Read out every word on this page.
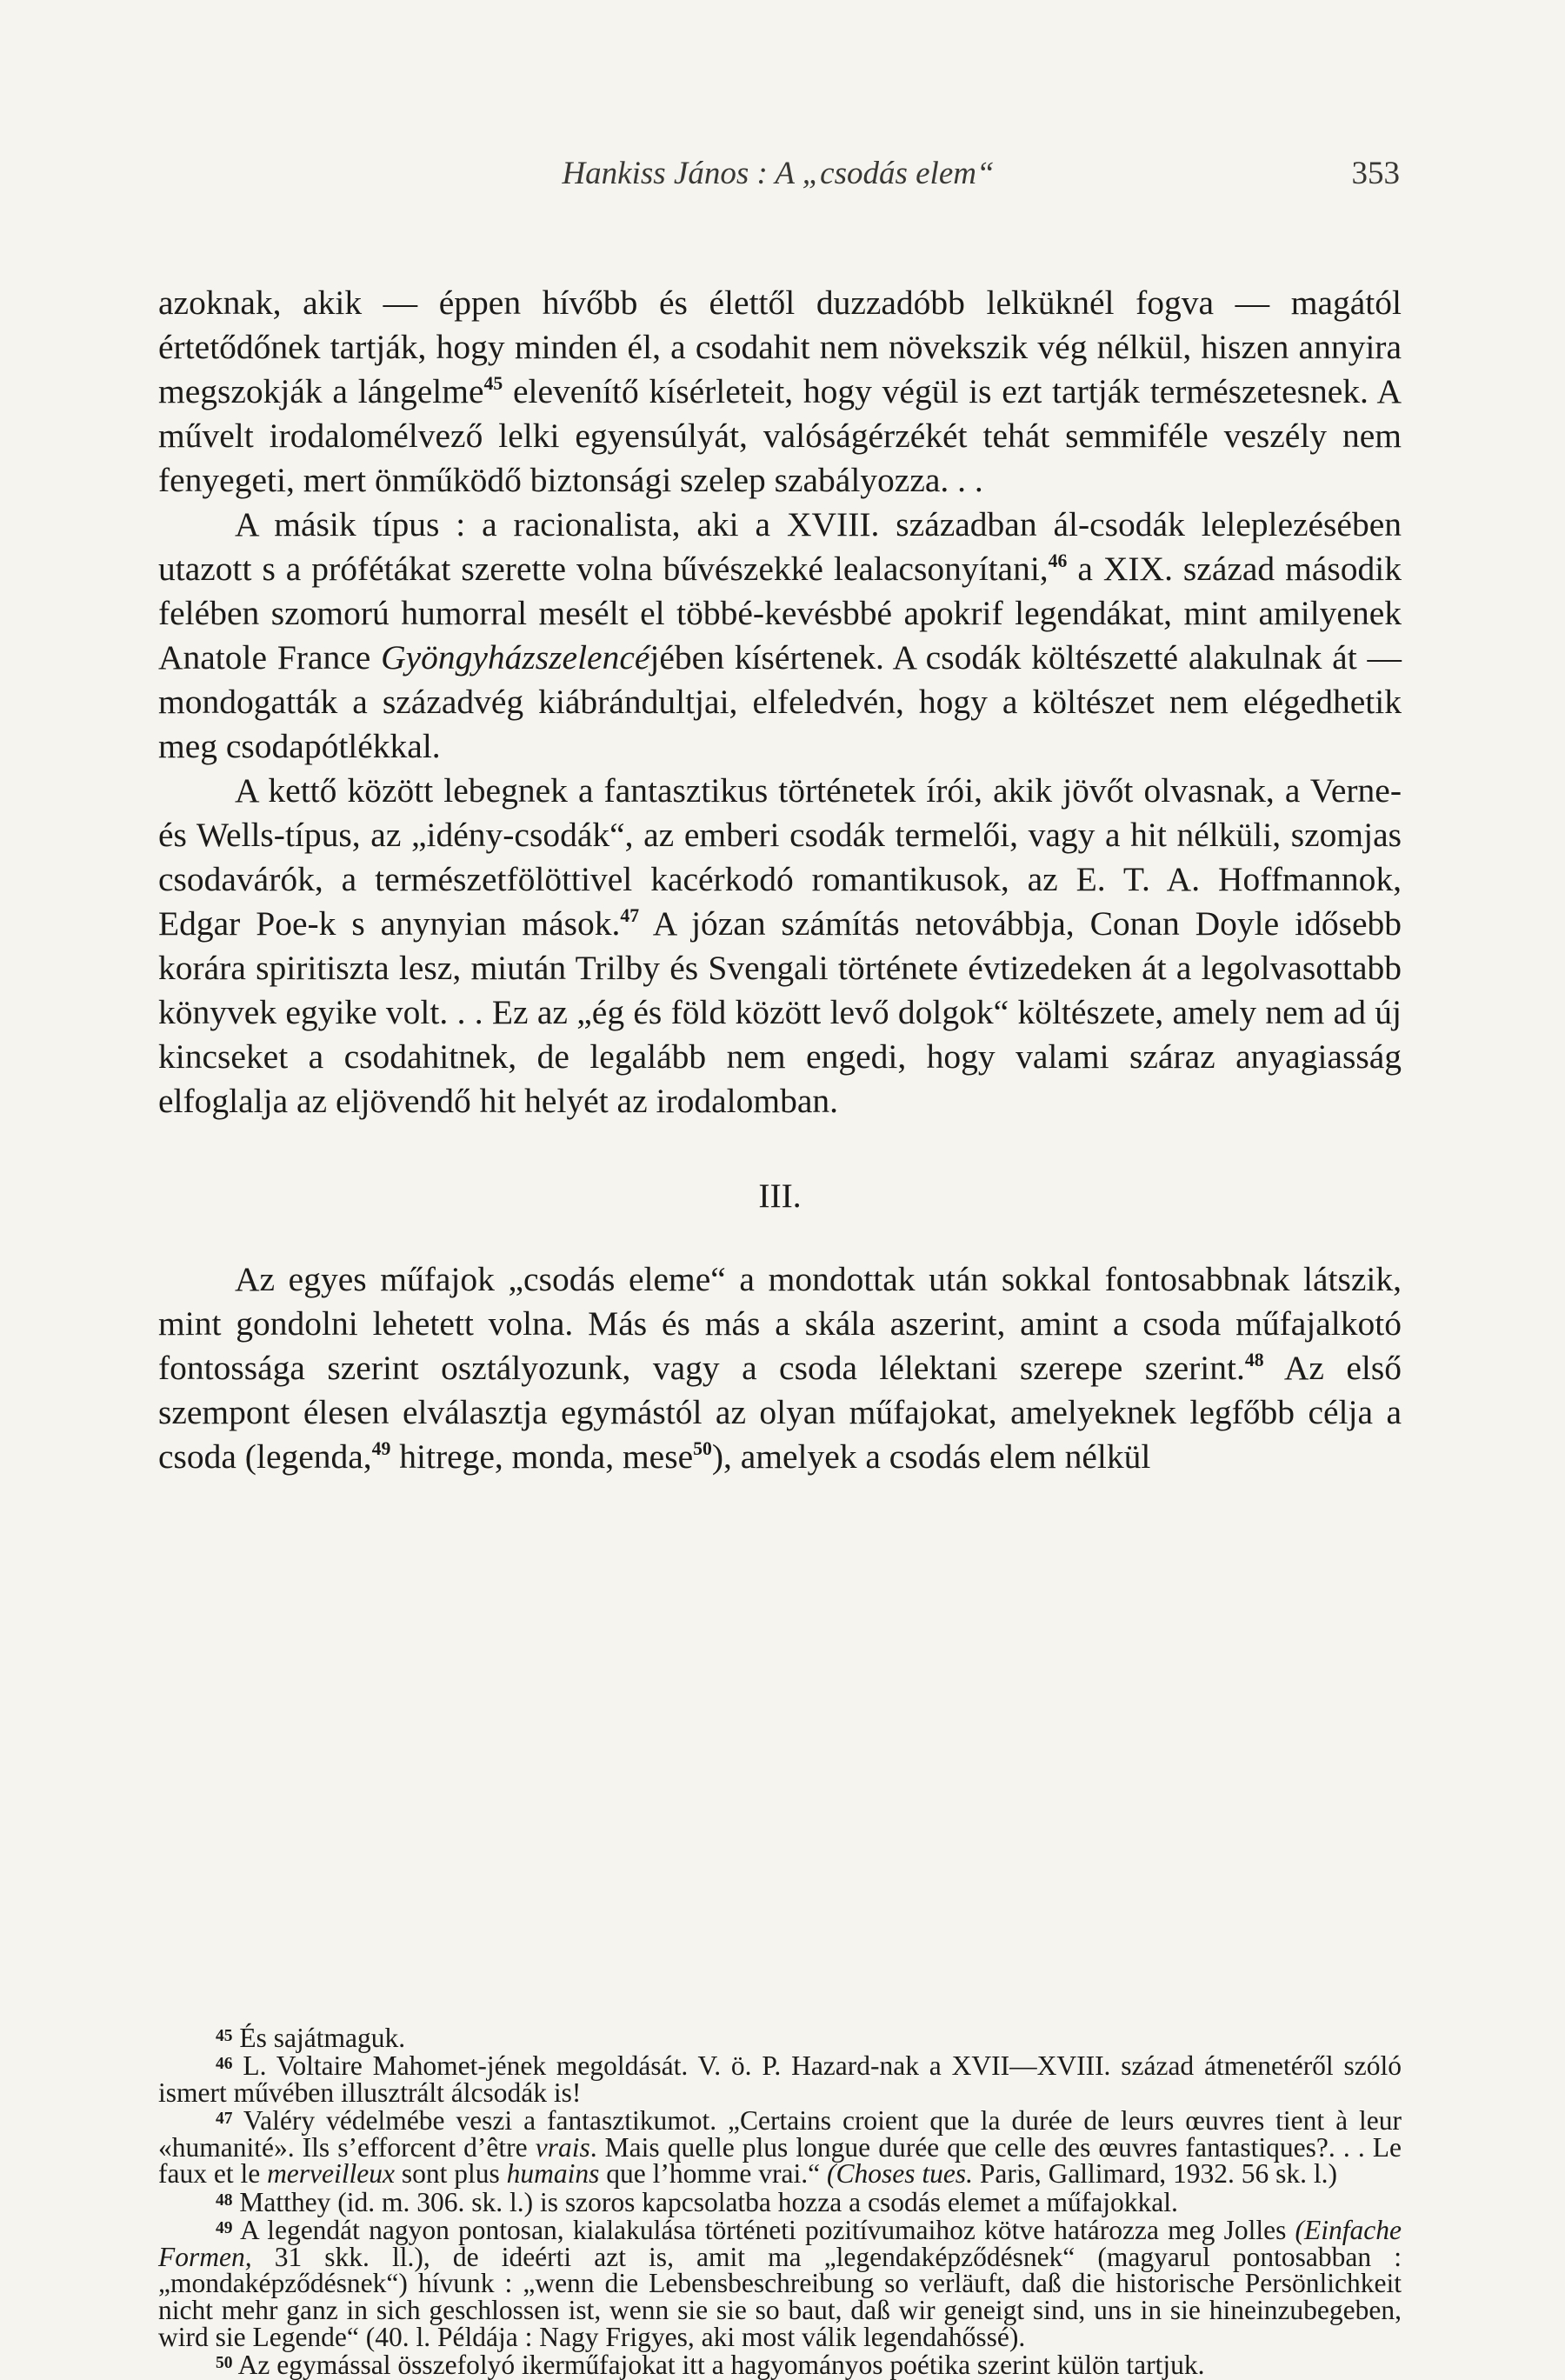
Hankiss János : A „csodás elem“	353

azoknak, akik — éppen hívőbb és élettől duzzadóbb lelküknél fogva — magától értetődőnek tartják, hogy minden él, a csodahit nem növekszik vég nélkül, hiszen annyira megszokják a lángelme$^{45}$ elevenítő kísérleteit, hogy végül is ezt tartják természetesnek. A művelt irodalomélvező lelki egyensúlyát, valóságérzékét tehát semmiféle veszély nem fenyegeti, mert önműködő biztonsági szelep szabályozza. . .

A másik típus : a racionalista, aki a XVIII. században ál-csodák leleplezésében utazott s a prófétákat szerette volna bűvészekké lealacsonyítani,$^{46}$ a XIX. század második felében szomorú humorral mesélt el többé-kevésbbé apokrif legendákat, mint amilyenek Anatole France Gyöngyházszelencéjében kísértenek. A csodák költészetté alakulnak át — mondogatták a századvég kiábrándultjai, elfeledvén, hogy a költészet nem elégedhetik meg csodapótlékkal.

A kettő között lebegnek a fantasztikus történetek írói, akik jövőt olvasnak, a Verne- és Wells-típus, az „idény-csodák“, az emberi csodák termelői, vagy a hit nélküli, szomjas csodavárók, a természetfölöttivel kacérkodó romantikusok, az E. T. A. Hoffmannok, Edgar Poe-k s anynyian mások.$^{47}$ A józan számítás netovábbja, Conan Doyle idősebb korára spiritiszta lesz, miután Trilby és Svengali története évtizedeken át a legolvasottabb könyvek egyike volt. . . Ez az „ég és föld között levő dolgok“ költészete, amely nem ad új kincseket a csodahitnek, de legalább nem engedi, hogy valami száraz anyagiasság elfoglalja az eljövendő hit helyét az irodalomban.

III.

Az egyes műfajok „csodás eleme“ a mondottak után sokkal fontosabbnak látszik, mint gondolni lehetett volna. Más és más a skála aszerint, amint a csoda műfajalkotó fontossága szerint osztályozunk, vagy a csoda lélektani szerepe szerint.$^{48}$ Az első szempont élesen elválasztja egymástól az olyan műfajokat, amelyeknek legfőbb célja a csoda (legenda,$^{49}$ hitrege, monda, mese$^{50}$), amelyek a csodás elem nélkül

$^{45}$ És sajátmaguk.

$^{46}$ L. Voltaire Mahomet-jének megoldását. V. ö. P. Hazard-nak a XVII—XVIII. század átmenetéről szóló ismert művében illusztrált álcsodák is!

$^{47}$ Valéry védelmébe veszi a fantasztikumot. „Certains croient que la durée de leurs œuvres tient à leur «humanité». Ils s’efforcent d’être vrais. Mais quelle plus longue durée que celle des œuvres fantastiques?. . . Le faux et le merveilleux sont plus humains que l’homme vrai.“ (Choses tues. Paris, Gallimard, 1932. 56 sk. l.)

$^{48}$ Matthey (id. m. 306. sk. l.) is szoros kapcsolatba hozza a csodás elemet a műfajokkal.

$^{49}$ A legendát nagyon pontosan, kialakulása történeti pozitívumaihoz kötve határozza meg Jolles (Einfache Formen, 31 skk. ll.), de ideérti azt is, amit ma „legendaképződésnek“ (magyarul pontosabban : „mondaképződésnek“) hívunk : „wenn die Lebensbeschreibung so verläuft, daß die historische Persönlichkeit nicht mehr ganz in sich geschlossen ist, wenn sie sie so baut, daß wir geneigt sind, uns in sie hineinzubegeben, wird sie Legende“ (40. l. Példája : Nagy Frigyes, aki most válik legendahőssé).

$^{50}$ Az egymással összefolyó ikerműfajokat itt a hagyományos poétika szerint külön tartjuk.
